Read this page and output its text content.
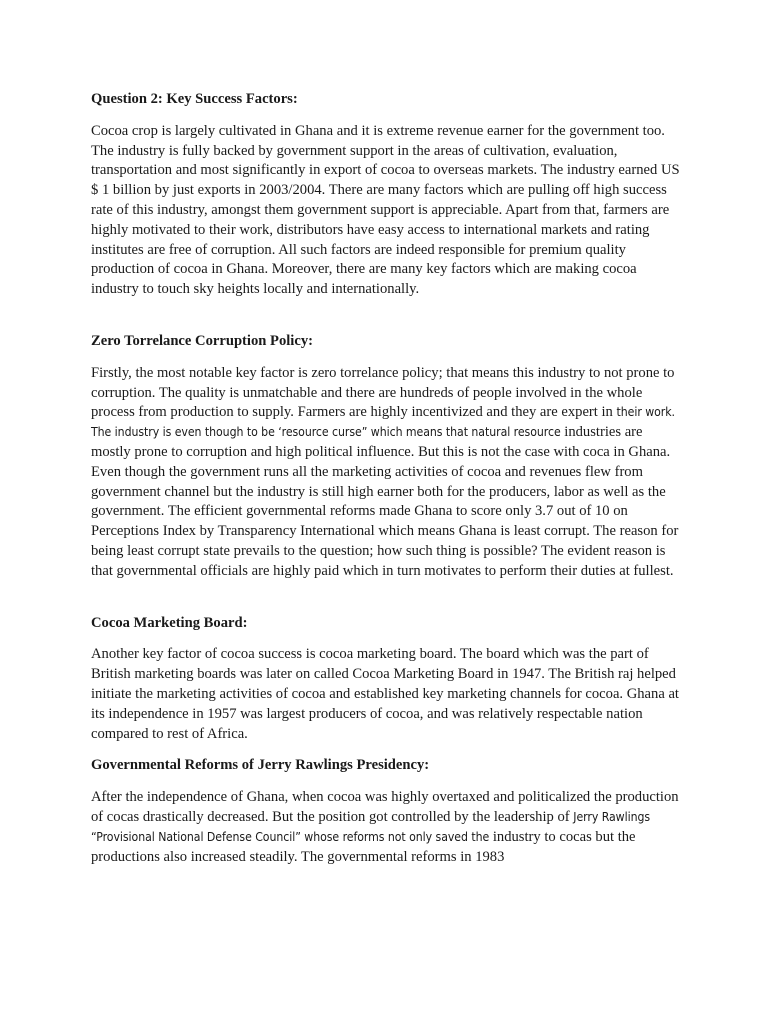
Question 2: Key Success Factors:

Cocoa crop is largely cultivated in Ghana and it is extreme revenue earner for the government too. The industry is fully backed by government support in the areas of cultivation, evaluation, transportation and most significantly in export of cocoa to overseas markets. The industry earned US $ 1 billion by just exports in 2003/2004. There are many factors which are pulling off high success rate of this industry, amongst them government support is appreciable. Apart from that, farmers are highly motivated to their work, distributors have easy access to international markets and rating institutes are free of corruption. All such factors are indeed responsible for premium quality production of cocoa in Ghana. Moreover, there are many key factors which are making cocoa industry to touch sky heights locally and internationally.

Zero Torrelance Corruption Policy:

Firstly, the most notable key factor is zero torrelance policy; that means this industry to not prone to corruption. The quality is unmatchable and there are hundreds of people involved in the whole process from production to supply. Farmers are highly incentivized and they are expert in their work. The industry is even though to be ‘resource curse” which means that natural resource industries are mostly prone to corruption and high political influence. But this is not the case with coca in Ghana. Even though the government runs all the marketing activities of cocoa and revenues flew from government channel but the industry is still high earner both for the producers, labor as well as the government. The efficient governmental reforms made Ghana to score only 3.7 out of 10 on Perceptions Index by Transparency International which means Ghana is least corrupt. The reason for being least corrupt state prevails to the question; how such thing is possible? The evident reason is that governmental officials are highly paid which in turn motivates to perform their duties at fullest.

Cocoa Marketing Board:

Another key factor of cocoa success is cocoa marketing board. The board which was the part of British marketing boards was later on called Cocoa Marketing Board in 1947. The British raj helped initiate the marketing activities of cocoa and established key marketing channels for cocoa. Ghana at its independence in 1957 was largest producers of cocoa, and was relatively respectable nation compared to rest of Africa.

Governmental Reforms of Jerry Rawlings Presidency:

After the independence of Ghana, when cocoa was highly overtaxed and politicalized the production of cocas drastically decreased. But the position got controlled by the leadership of Jerry Rawlings “Provisional National Defense Council” whose reforms not only saved the industry to cocas but the productions also increased steadily. The governmental reforms in 1983
